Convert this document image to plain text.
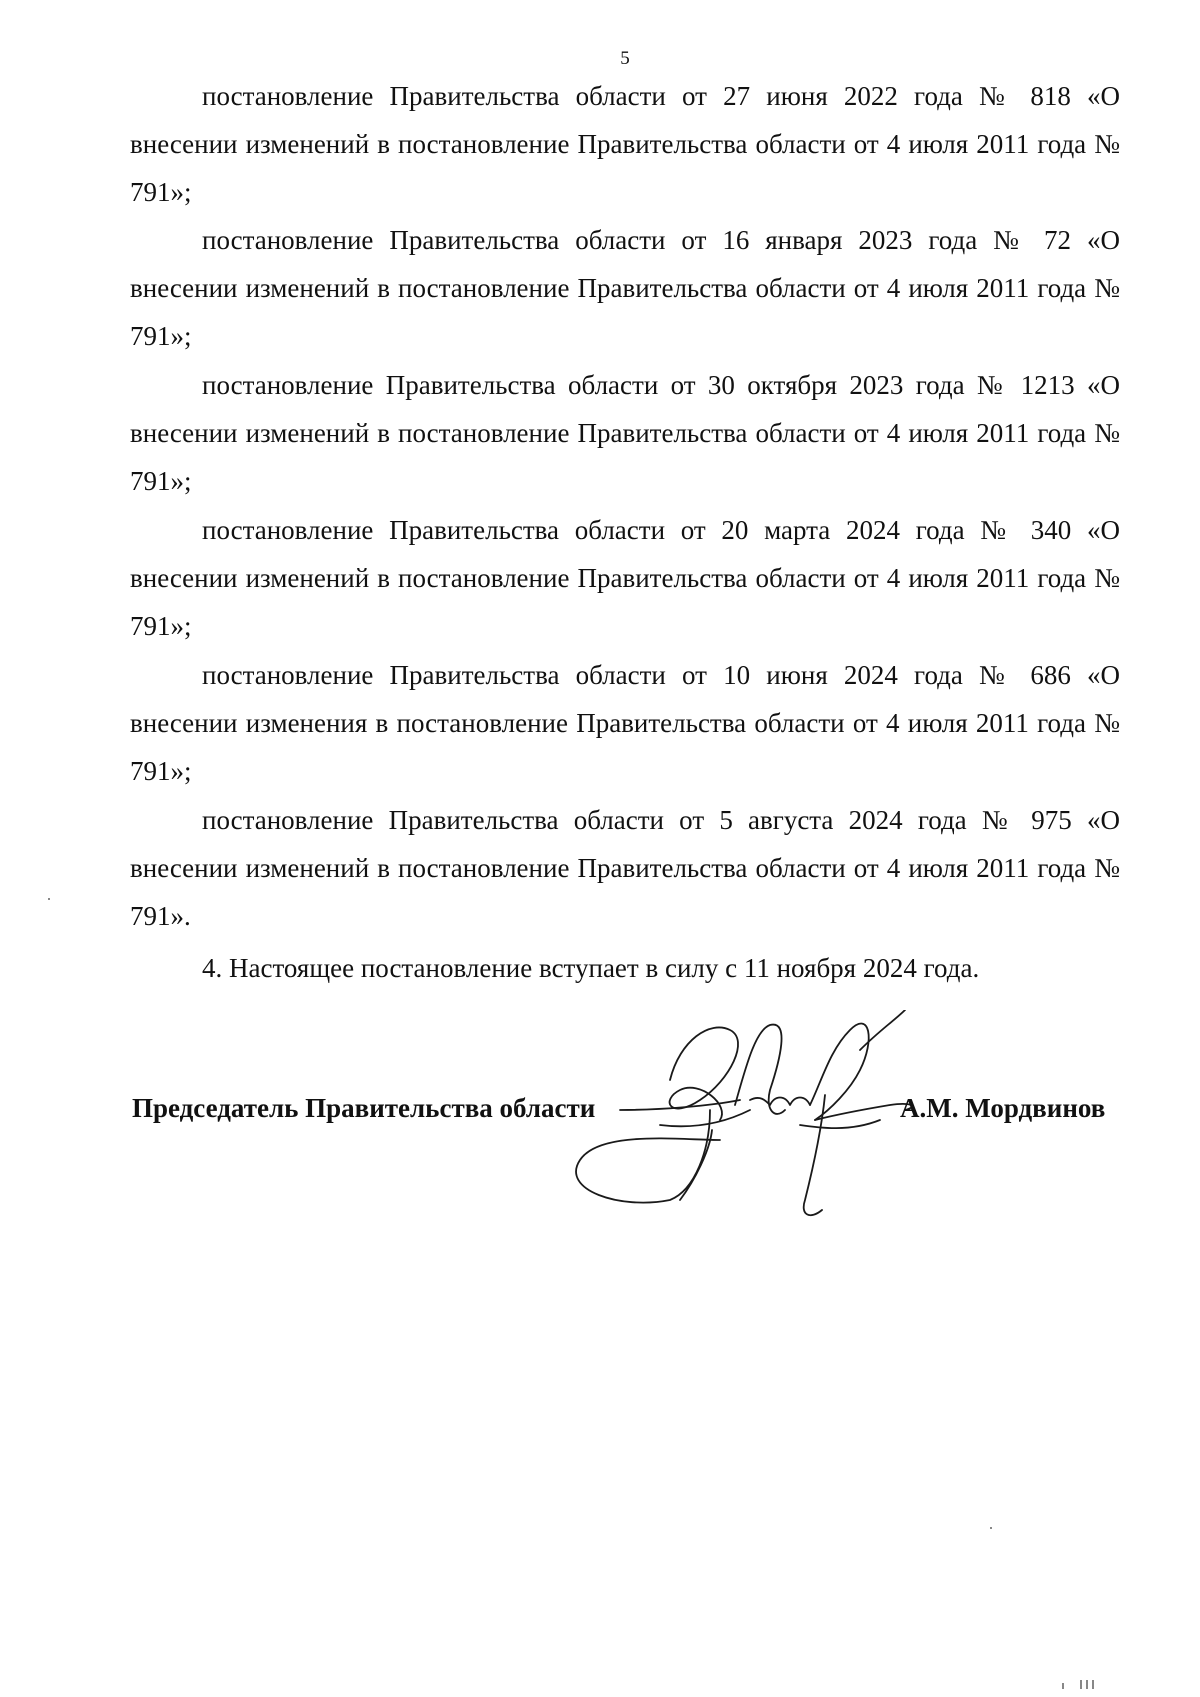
5

постановление Правительства области от 27 июня 2022 года № 818 «О внесении изменений в постановление Правительства области от 4 июля 2011 года № 791»;

постановление Правительства области от 16 января 2023 года № 72 «О внесении изменений в постановление Правительства области от 4 июля 2011 года № 791»;

постановление Правительства области от 30 октября 2023 года № 1213 «О внесении изменений в постановление Правительства области от 4 июля 2011 года № 791»;

постановление Правительства области от 20 марта 2024 года № 340 «О внесении изменений в постановление Правительства области от 4 июля 2011 года № 791»;

постановление Правительства области от 10 июня 2024 года № 686 «О внесении изменения в постановление Правительства области от 4 июля 2011 года № 791»;

постановление Правительства области от 5 августа 2024 года № 975 «О внесении изменений в постановление Правительства области от 4 июля 2011 года № 791».

4. Настоящее постановление вступает в силу с 11 ноября 2024 года.

Председатель Правительства области	А.М. Мордвинов
